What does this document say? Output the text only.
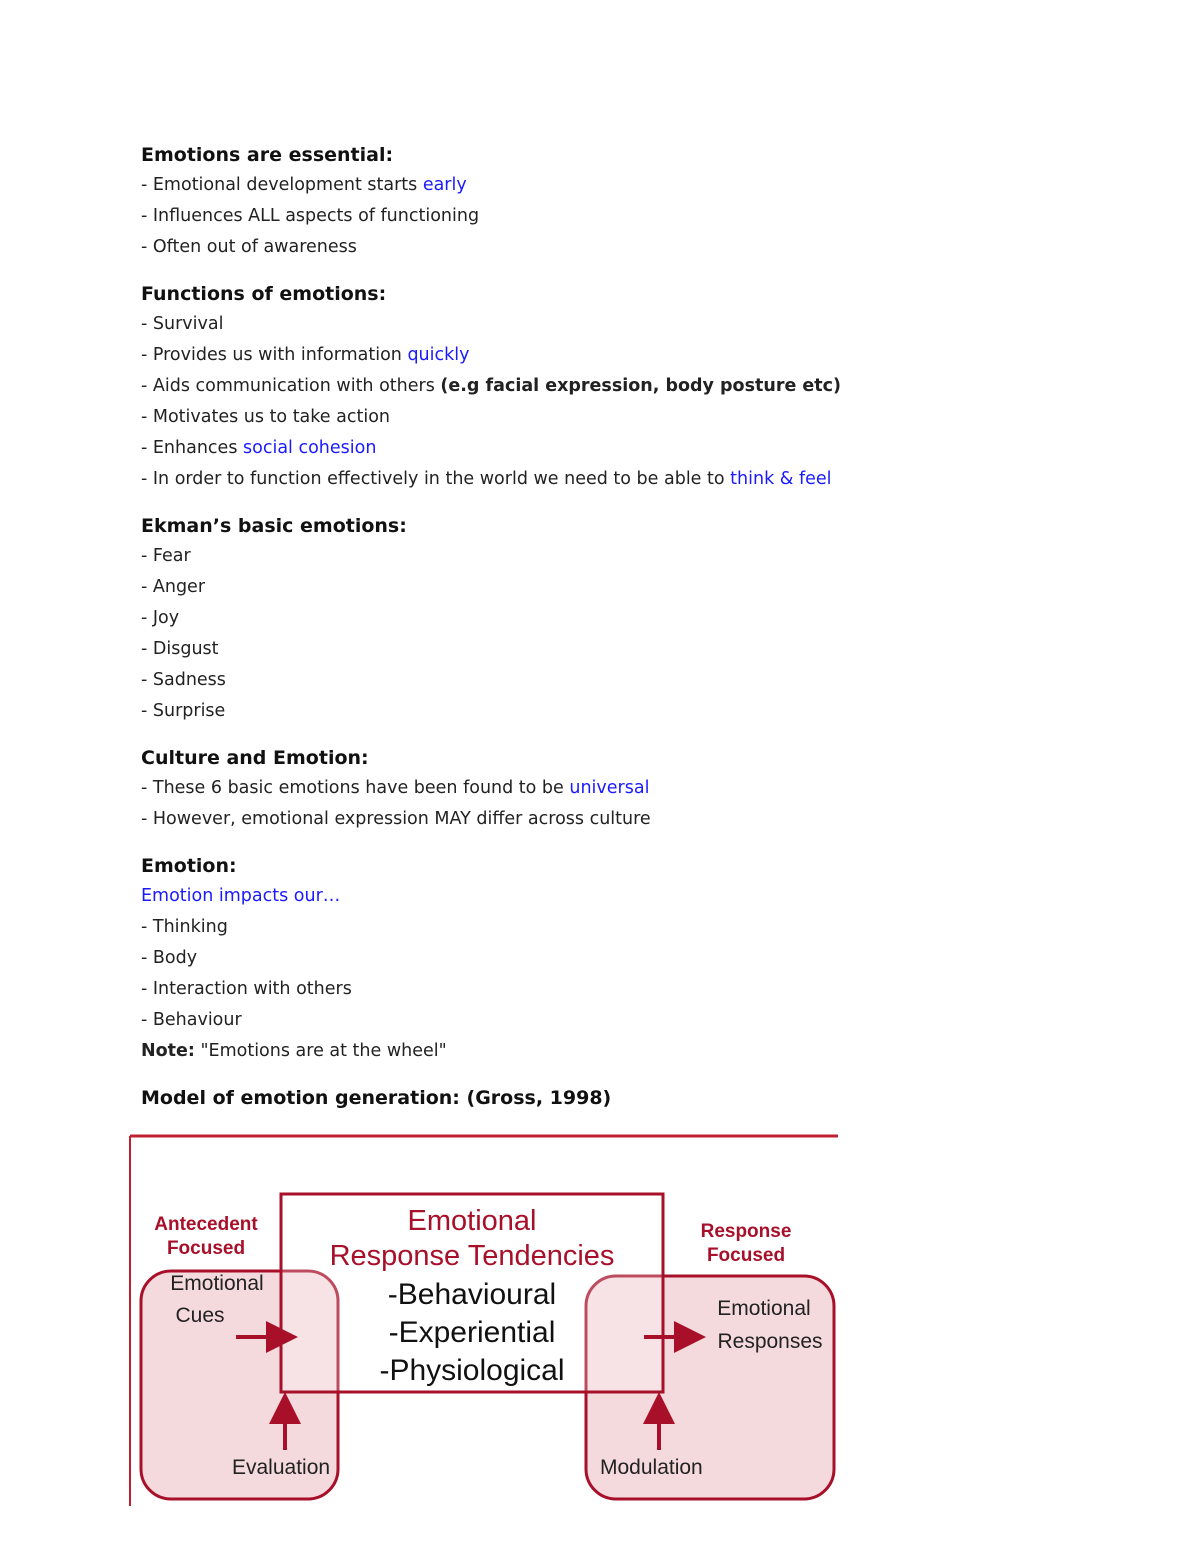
Emotions are essential:

- Emotional development starts early

- Influences ALL aspects of functioning

- Often out of awareness

Functions of emotions:

- Survival

- Provides us with information quickly

- Aids communication with others (e.g facial expression, body posture etc)

- Motivates us to take action

- Enhances social cohesion

- In order to function effectively in the world we need to be able to think & feel

Ekman’s basic emotions:

- Fear

- Anger

- Joy

- Disgust

- Sadness

- Surprise

Culture and Emotion:

- These 6 basic emotions have been found to be universal

- However, emotional expression MAY differ across culture

Emotion:

Emotion impacts our…

- Thinking

- Body

- Interaction with others

- Behaviour

Note: "Emotions are at the wheel"

Model of emotion generation: (Gross, 1998)

Antecedent
Focused
Response
Focused
Emotional
Response Tendencies
-Behavioural
-Experiential
-Physiological
Emotional
Cues	Emotional
Responses
Evaluation	Modulation
